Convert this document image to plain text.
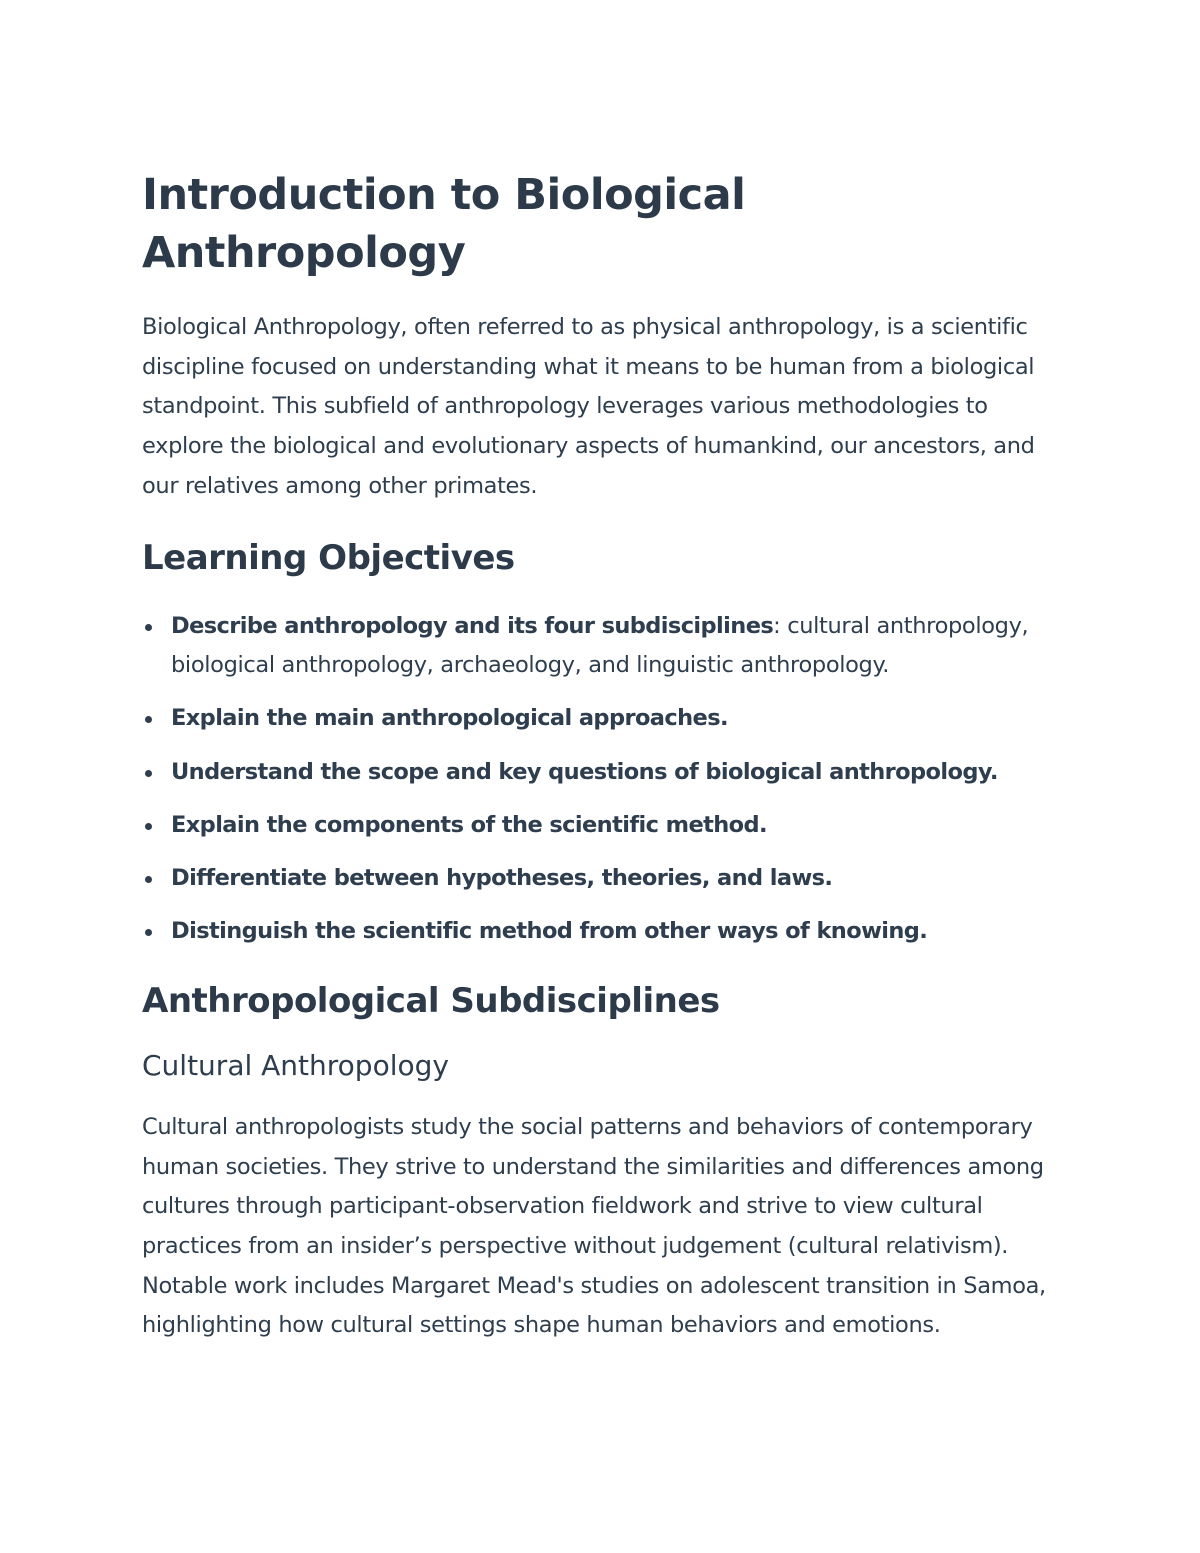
Introduction to Biological Anthropology

Biological Anthropology, often referred to as physical anthropology, is a scientific discipline focused on understanding what it means to be human from a biological standpoint. This subfield of anthropology leverages various methodologies to explore the biological and evolutionary aspects of humankind, our ancestors, and our relatives among other primates.

Learning Objectives
Describe anthropology and its four subdisciplines: cultural anthropology, biological anthropology, archaeology, and linguistic anthropology.
Explain the main anthropological approaches.
Understand the scope and key questions of biological anthropology.
Explain the components of the scientific method.
Differentiate between hypotheses, theories, and laws.
Distinguish the scientific method from other ways of knowing.
Anthropological Subdisciplines
Cultural Anthropology

Cultural anthropologists study the social patterns and behaviors of contemporary human societies. They strive to understand the similarities and differences among cultures through participant-observation fieldwork and strive to view cultural practices from an insider’s perspective without judgement (cultural relativism). Notable work includes Margaret Mead's studies on adolescent transition in Samoa, highlighting how cultural settings shape human behaviors and emotions.
